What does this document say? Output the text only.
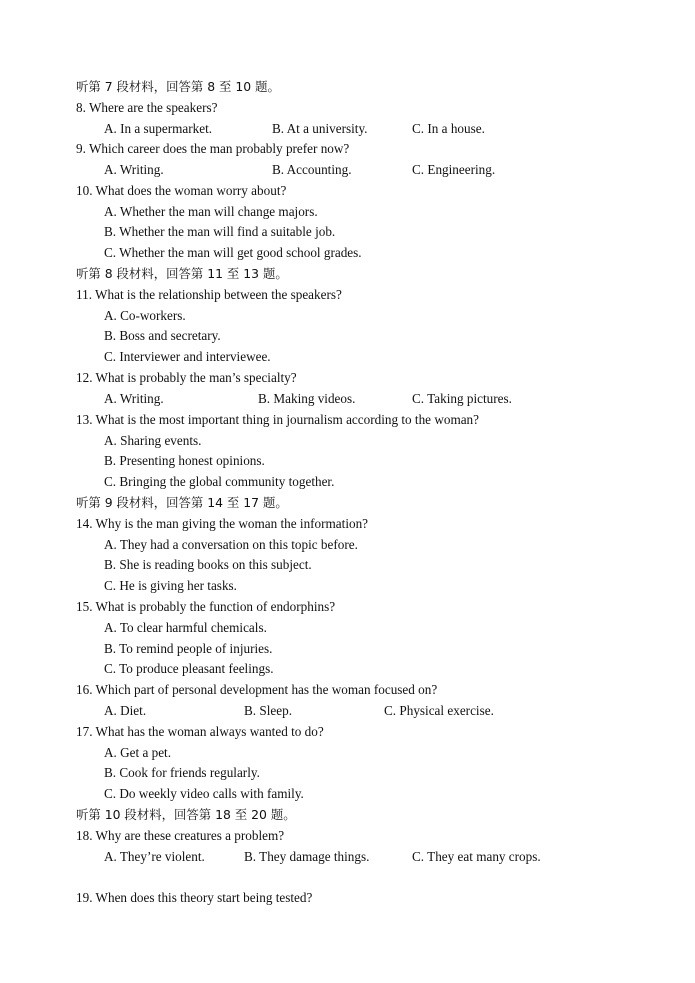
听第 7 段材料，回答第 8 至 10 题。
8. Where are the speakers?
A. In a supermarket.	B. At a university.	C. In a house.
9. Which career does the man probably prefer now?
A. Writing.	B. Accounting.	C. Engineering.
10. What does the woman worry about?
A. Whether the man will change majors.
B. Whether the man will find a suitable job.
C. Whether the man will get good school grades.
听第 8 段材料，回答第 11 至 13 题。
11. What is the relationship between the speakers?
A. Co-workers.
B. Boss and secretary.
C. Interviewer and interviewee.
12. What is probably the man’s specialty?
A. Writing.	B. Making videos.	C. Taking pictures.
13. What is the most important thing in journalism according to the woman?
A. Sharing events.
B. Presenting honest opinions.
C. Bringing the global community together.
听第 9 段材料，回答第 14 至 17 题。
14. Why is the man giving the woman the information?
A. They had a conversation on this topic before.
B. She is reading books on this subject.
C. He is giving her tasks.
15. What is probably the function of endorphins?
A. To clear harmful chemicals.
B. To remind people of injuries.
C. To produce pleasant feelings.
16. Which part of personal development has the woman focused on?
A. Diet.	B. Sleep.	C. Physical exercise.
17. What has the woman always wanted to do?
A. Get a pet.
B. Cook for friends regularly.
C. Do weekly video calls with family.
听第 10 段材料，回答第 18 至 20 题。
18. Why are these creatures a problem?
A. They’re violent.	B. They damage things.	C. They eat many crops.
19. When does this theory start being tested?
